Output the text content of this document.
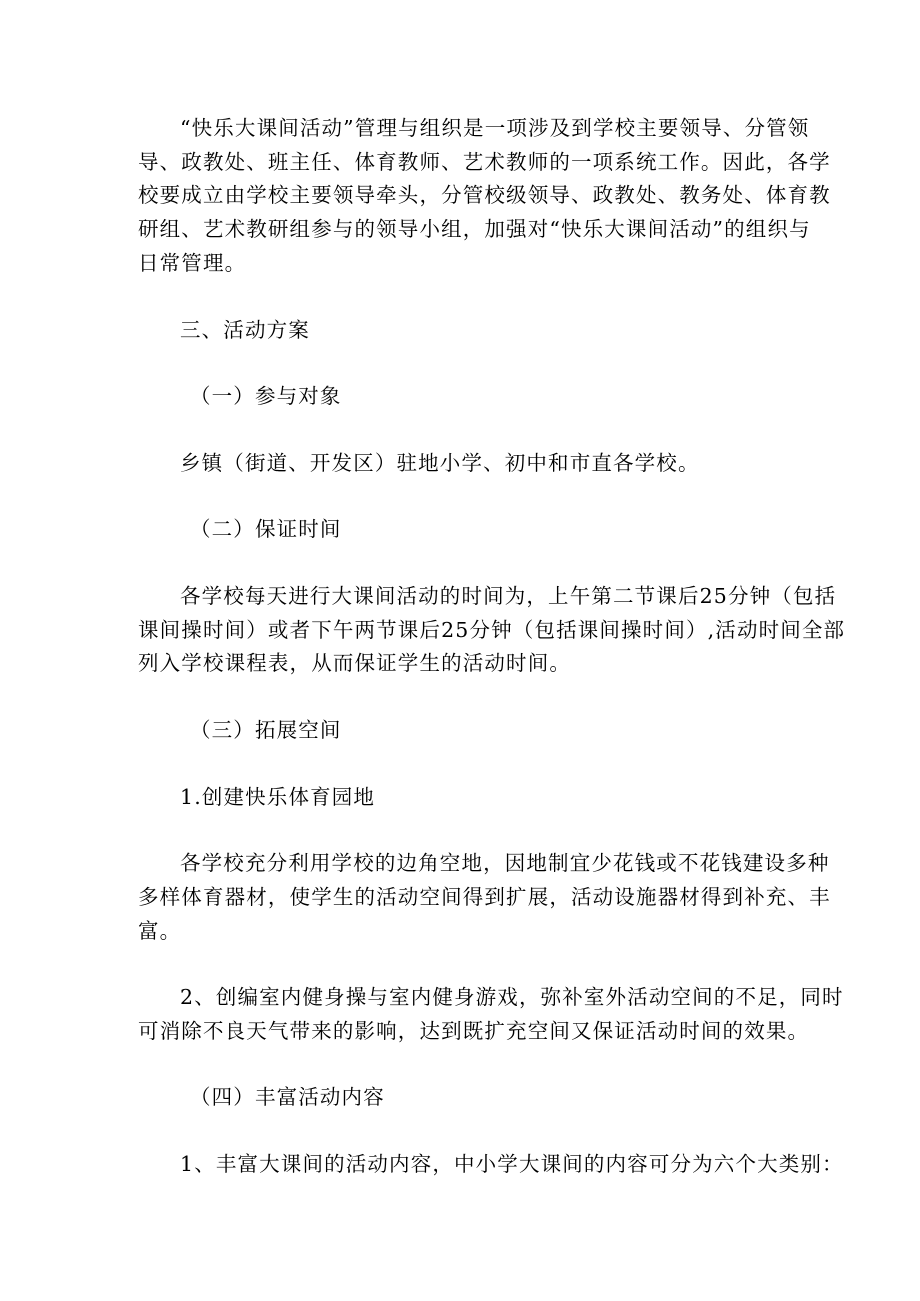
“快乐大课间活动”管理与组织是一项涉及到学校主要领导、分管领
导、政教处、班主任、体育教师、艺术教师的一项系统工作。因此，各学
校要成立由学校主要领导牵头，分管校级领导、政教处、教务处、体育教
研组、艺术教研组参与的领导小组，加强对“快乐大课间活动”的组织与
日常管理。
三、活动方案
（一）参与对象
乡镇（街道、开发区）驻地小学、初中和市直各学校。
（二）保证时间
各学校每天进行大课间活动的时间为，上午第二节课后25分钟（包括
课间操时间）或者下午两节课后25分钟（包括课间操时间）,活动时间全部
列入学校课程表，从而保证学生的活动时间。
（三）拓展空间
1.创建快乐体育园地
各学校充分利用学校的边角空地，因地制宜少花钱或不花钱建设多种
多样体育器材，使学生的活动空间得到扩展，活动设施器材得到补充、丰
富。
2、创编室内健身操与室内健身游戏，弥补室外活动空间的不足，同时
可消除不良天气带来的影响，达到既扩充空间又保证活动时间的效果。
（四）丰富活动内容
1、丰富大课间的活动内容，中小学大课间的内容可分为六个大类别：
